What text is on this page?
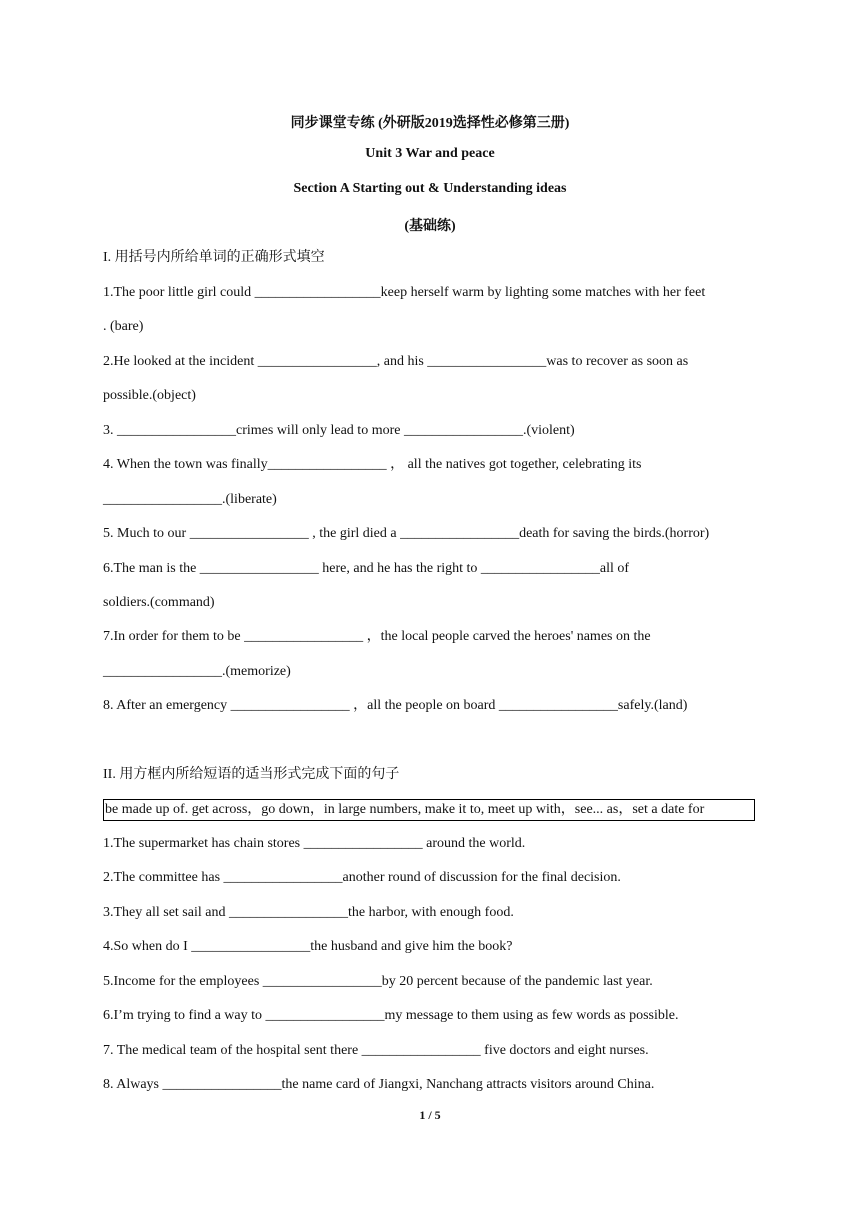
同步课堂专练 (外研版2019选择性必修第三册)
Unit 3 War and peace
Section A Starting out & Understanding ideas
(基础练)
I. 用括号内所给单词的正确形式填空
1.The poor little girl could __________________keep herself warm by lighting some matches with her feet
. (bare)
2.He looked at the incident _________________, and his _________________was to recover as soon as
possible.(object)
3. _________________crimes will only lead to more _________________.(violent)
4. When the town was finally_________________ ， all the natives got together, celebrating its
_________________.(liberate)
5. Much to our _________________ , the girl died a _________________death for saving the birds.(horror)
6.The man is the _________________ here, and he has the right to _________________all of
soldiers.(command)
7.In order for them to be _________________ ，the local people carved the heroes' names on the
_________________.(memorize)
8. After an emergency _________________ ，all the people on board _________________safely.(land)
II. 用方框内所给短语的适当形式完成下面的句子
be made up of. get across，go down，in large numbers, make it to, meet up with，see... as，set a date for
1.The supermarket has chain stores _________________ around the world.
2.The committee has _________________another round of discussion for the final decision.
3.They all set sail and _________________the harbor, with enough food.
4.So when do I _________________the husband and give him the book?
5.Income for the employees _________________by 20 percent because of the pandemic last year.
6.I’m trying to find a way to _________________my message to them using as few words as possible.
7. The medical team of the hospital sent there _________________ five doctors and eight nurses.
8. Always _________________the name card of Jiangxi, Nanchang attracts visitors around China.
1 / 5
